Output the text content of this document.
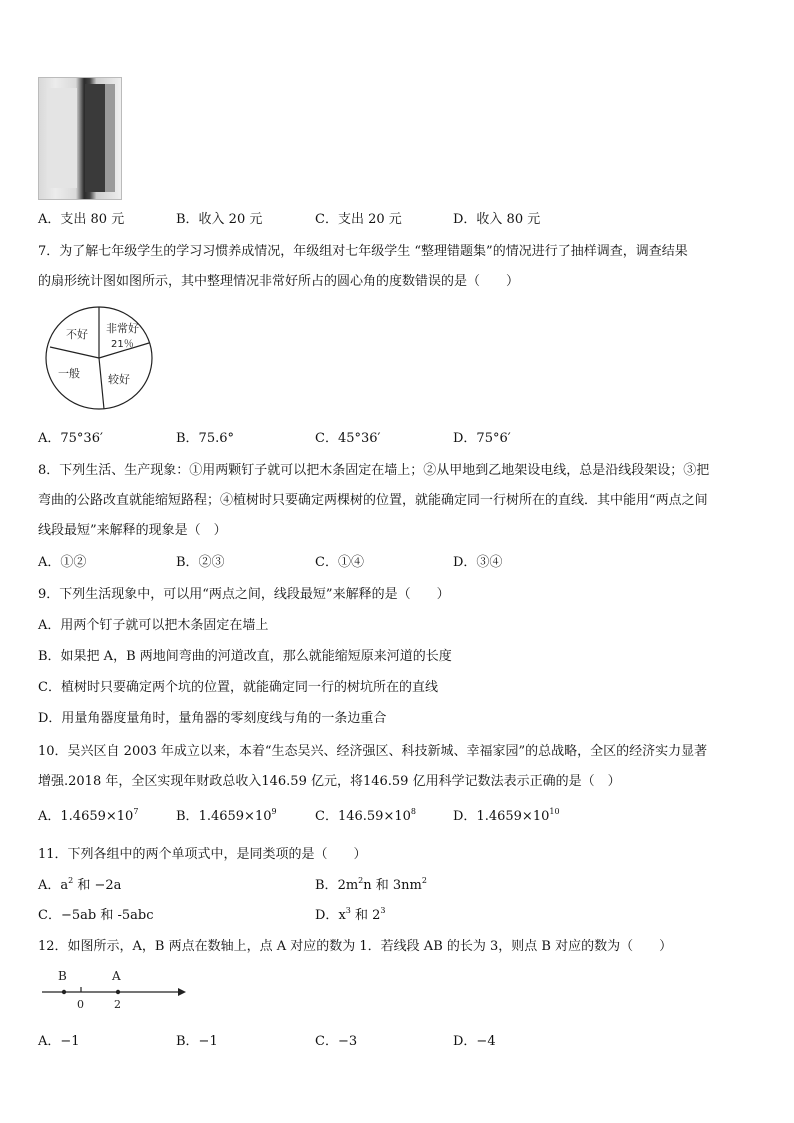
A．支出 80 元	B．收入 20 元	C．支出 20 元	D．收入 80 元
7．为了解七年级学生的学习习惯养成情况，年级组对七年级学生 “整理错题集”的情况进行了抽样调查，调查结果
的扇形统计图如图所示，其中整理情况非常好所占的圆心角的度数错误的是（　　）
不好 非常好
21％
一般	较好
A．75°36′	B．75.6°	C．45°36′	D．75°6′
8．下列生活、生产现象：①用两颗钉子就可以把木条固定在墙上；②从甲地到乙地架设电线，总是沿线段架设；③把
弯曲的公路改直就能缩短路程；④植树时只要确定两棵树的位置，就能确定同一行树所在的直线．其中能用“两点之间
线段最短”来解释的现象是（　）
A．①②	B．②③	C．①④	D．③④
9．下列生活现象中，可以用“两点之间，线段最短”来解释的是（　　）
A．用两个钉子就可以把木条固定在墙上
B．如果把 A，B 两地间弯曲的河道改直，那么就能缩短原来河道的长度
C．植树时只要确定两个坑的位置，就能确定同一行的树坑所在的直线
D．用量角器度量角时，量角器的零刻度线与角的一条边重合
10．吴兴区自 2003 年成立以来，本着“生态吴兴、经济强区、科技新城、幸福家园”的总战略，全区的经济实力显著
增强.2018 年，全区实现年财政总收入146.59 亿元，将146.59 亿用科学记数法表示正确的是（　）
A．$1.4659\times 10^7$	B．$1.4659\times 10^9$	C．$146.59\times 10^8$	D．$1.4659\times 10^{10}$
11．下列各组中的两个单项式中，是同类项的是（　　）
A．$a^2$ 和 −2a	B．$2m^2n$ 和 $3nm^2$
C．−5ab 和 -5abc	D．$x^3$ 和 $2^3$
12．如图所示，A，B 两点在数轴上，点 A 对应的数为 1．若线段 AB 的长为 3，则点 B 对应的数为（　　）
B	A
0	2
A．−1	B．−1	C．−3	D．−4
